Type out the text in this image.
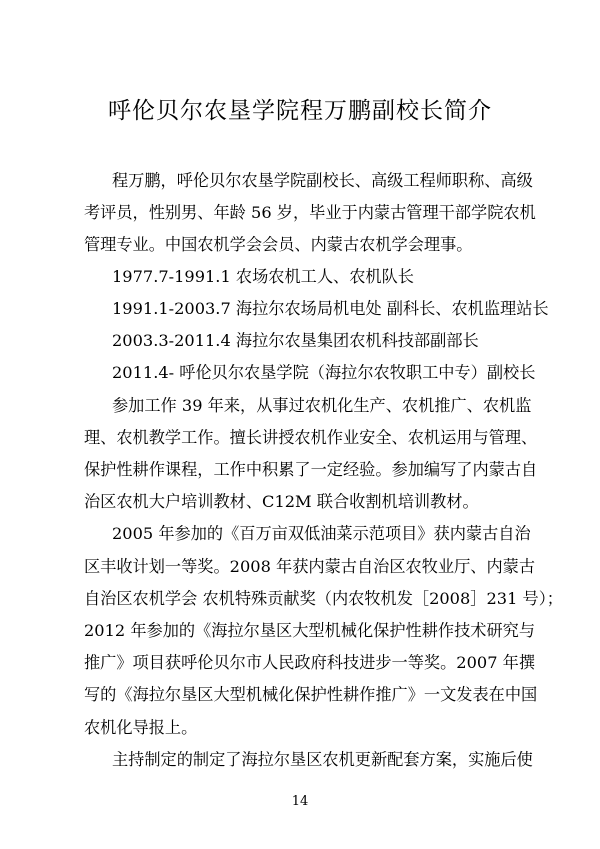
呼伦贝尔农垦学院程万鹏副校长简介
程万鹏，呼伦贝尔农垦学院副校长、高级工程师职称、高级
考评员，性别男、年龄 56 岁，毕业于内蒙古管理干部学院农机
管理专业。中国农机学会会员、内蒙古农机学会理事。
1977.7-1991.1 农场农机工人、农机队长
1991.1-2003.7 海拉尔农场局机电处 副科长、农机监理站长
2003.3-2011.4 海拉尔农垦集团农机科技部副部长
2011.4- 呼伦贝尔农垦学院（海拉尔农牧职工中专）副校长
参加工作 39 年来，从事过农机化生产、农机推广、农机监
理、农机教学工作。擅长讲授农机作业安全、农机运用与管理、
保护性耕作课程，工作中积累了一定经验。参加编写了内蒙古自
治区农机大户培训教材、C12M 联合收割机培训教材。
2005 年参加的《百万亩双低油菜示范项目》获内蒙古自治
区丰收计划一等奖。2008 年获内蒙古自治区农牧业厅、内蒙古
自治区农机学会 农机特殊贡献奖（内农牧机发［2008］231 号）；
2012 年参加的《海拉尔垦区大型机械化保护性耕作技术研究与
推广》项目获呼伦贝尔市人民政府科技进步一等奖。2007 年撰
写的《海拉尔垦区大型机械化保护性耕作推广》一文发表在中国
农机化导报上。
主持制定的制定了海拉尔垦区农机更新配套方案，实施后使
14
